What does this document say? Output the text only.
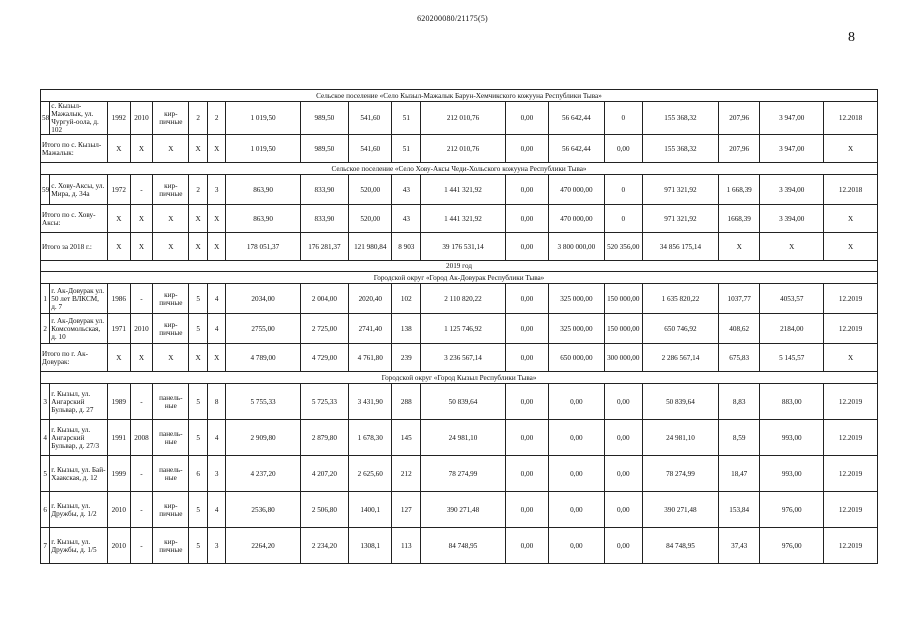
620200080/21175(5)
8
Сельское поселение «Село Кызыл-Мажалык Барун-Хемчикского кожууна Республики Тыва»																		
58	с. Кызыл-Мажалык, ул. Чургуй-оола, д. 102	1992	2010	кир-пичные	2	2	1 019,50	989,50	541,60	51	212 010,76	0,00	56 642,44	0	155 368,32	207,96	3 947,00	12.2018
Итого по с. Кызыл-Мажалык:		X	X	X	X	X	1 019,50	989,50	541,60	51	212 010,76	0,00	56 642,44	0,00	155 368,32	207,96	3 947,00	X
Сельское поселение «Село Хову-Аксы Чеди-Хольского кожууна Республики Тыва»																		
59	с. Хову-Аксы, ул. Мира, д. 34а	1972	-	кир-пичные	2	3	863,90	833,90	520,00	43	1 441 321,92	0,00	470 000,00	0	971 321,92	1 668,39	3 394,00	12.2018
Итого по с. Хову-Аксы:		X	X	X	X	X	863,90	833,90	520,00	43	1 441 321,92	0,00	470 000,00	0	971 321,92	1668,39	3 394,00	X
Итого за 2018 г.:		X	X	X	X	X	178 051,37	176 281,37	121 980,84	8 903	39 176 531,14	0,00	3 800 000,00	520 356,00	34 856 175,14	X	X	X
2019 год																		
Городской округ «Город Ак-Довурак Республики Тыва»																		
1	г. Ак-Довурак ул. 50 лет ВЛКСМ, д. 7	1986	-	кир-пичные	5	4	2034,00	2 004,00	2020,40	102	2 110 820,22	0,00	325 000,00	150 000,00	1 635 820,22	1037,77	4053,57	12.2019
2	г. Ак-Довурак ул. Комсомольская, д. 10	1971	2010	кир-пичные	5	4	2755,00	2 725,00	2741,40	138	1 125 746,92	0,00	325 000,00	150 000,00	650 746,92	408,62	2184,00	12.2019
Итого по г. Ак-Довурак:		X	X	X	X	X	4 789,00	4 729,00	4 761,80	239	3 236 567,14	0,00	650 000,00	300 000,00	2 286 567,14	675,83	5 145,57	X
Городской округ «Город Кызыл Республики Тыва»																		
3	г. Кызыл, ул. Ангарский Бульвар, д. 27	1989	-	панель-ные	5	8	5 755,33	5 725,33	3 431,90	288	50 839,64	0,00	0,00	0,00	50 839,64	8,83	883,00	12.2019
4	г. Кызыл, ул. Ангарский Бульвар, д. 27/3	1991	2008	панель-ные	5	4	2 909,80	2 879,80	1 678,30	145	24 981,10	0,00	0,00	0,00	24 981,10	8,59	993,00	12.2019
5	г. Кызыл, ул. Бай-Хаакская, д. 12	1999	-	панель-ные	6	3	4 237,20	4 207,20	2 625,60	212	78 274,99	0,00	0,00	0,00	78 274,99	18,47	993,00	12.2019
6	г. Кызыл, ул. Дружбы, д. 1/2	2010	-	кир-пичные	5	4	2536,80	2 506,80	1400,1	127	390 271,48	0,00	0,00	0,00	390 271,48	153,84	976,00	12.2019
7	г. Кызыл, ул. Дружбы, д. 1/5	2010	-	кир-пичные	5	3	2264,20	2 234,20	1308,1	113	84 748,95	0,00	0,00	0,00	84 748,95	37,43	976,00	12.2019
